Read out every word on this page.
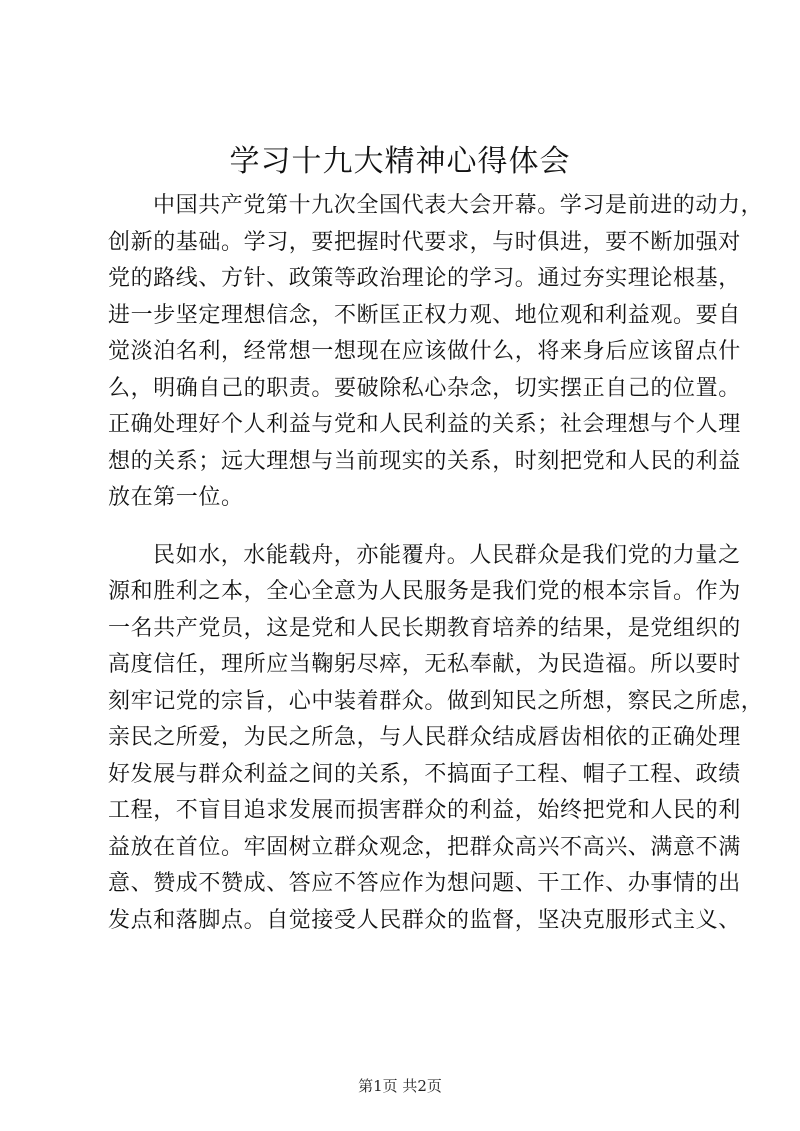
学习十九大精神心得体会
中国共产党第十九次全国代表大会开幕。学习是前进的动力，
创新的基础。学习，要把握时代要求，与时俱进，要不断加强对
党的路线、方针、政策等政治理论的学习。通过夯实理论根基，
进一步坚定理想信念，不断匡正权力观、地位观和利益观。要自
觉淡泊名利，经常想一想现在应该做什么，将来身后应该留点什
么，明确自己的职责。要破除私心杂念，切实摆正自己的位置。
正确处理好个人利益与党和人民利益的关系；社会理想与个人理
想的关系；远大理想与当前现实的关系，时刻把党和人民的利益
放在第一位。
民如水，水能载舟，亦能覆舟。人民群众是我们党的力量之
源和胜利之本，全心全意为人民服务是我们党的根本宗旨。作为
一名共产党员，这是党和人民长期教育培养的结果，是党组织的
高度信任，理所应当鞠躬尽瘁，无私奉献，为民造福。所以要时
刻牢记党的宗旨，心中装着群众。做到知民之所想，察民之所虑，
亲民之所爱，为民之所急，与人民群众结成唇齿相依的正确处理
好发展与群众利益之间的关系，不搞面子工程、帽子工程、政绩
工程，不盲目追求发展而损害群众的利益，始终把党和人民的利
益放在首位。牢固树立群众观念，把群众高兴不高兴、满意不满
意、赞成不赞成、答应不答应作为想问题、干工作、办事情的出
发点和落脚点。自觉接受人民群众的监督，坚决克服形式主义、
第1页 共2页
